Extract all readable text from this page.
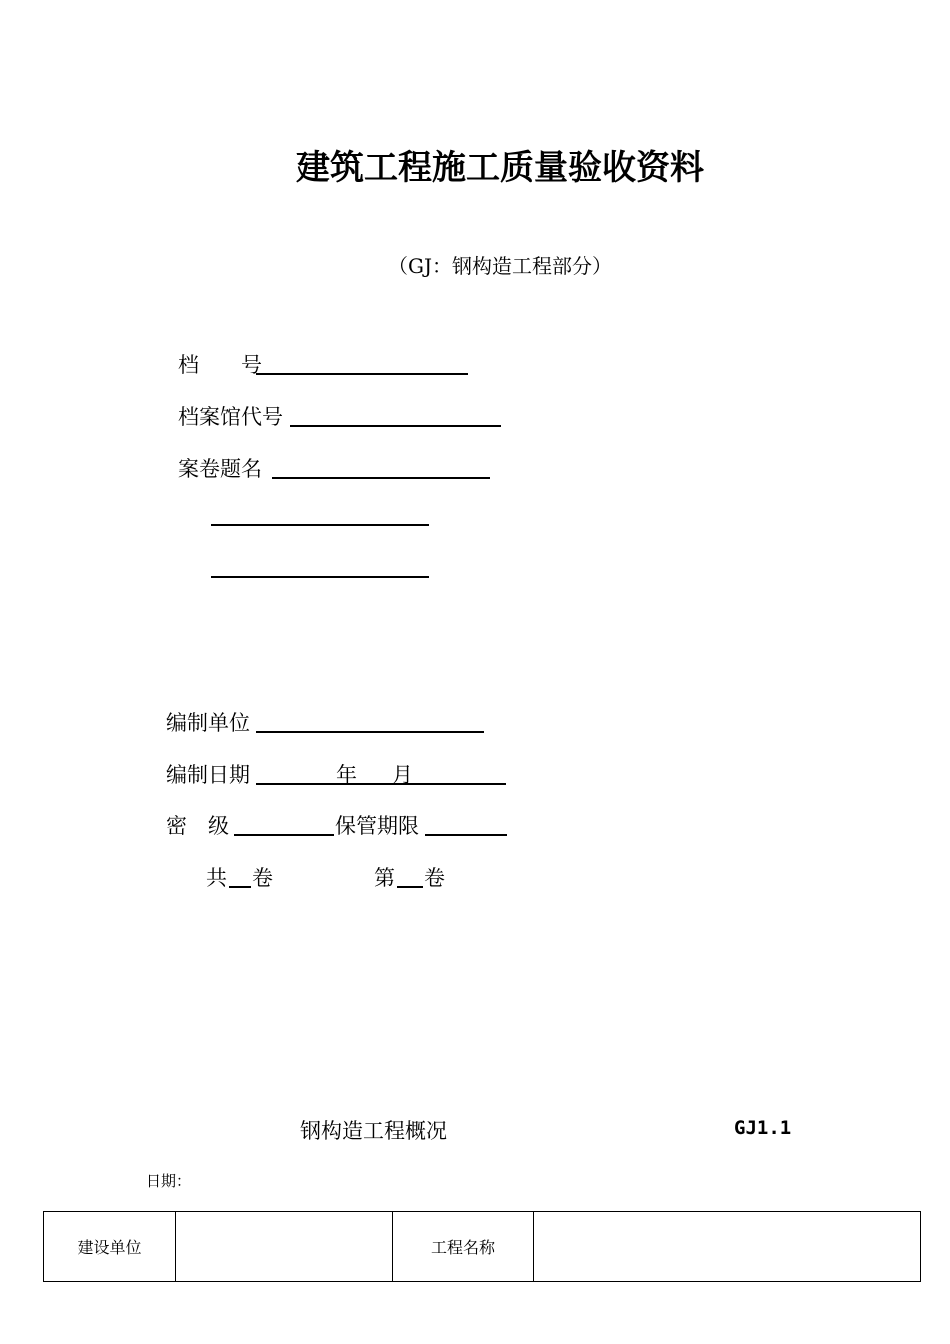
建筑工程施工质量验收资料
（GJ：钢构造工程部分）
档　　号
档案馆代号
案卷题名
编制单位
编制日期	年 月
密　级	保管期限
共 卷	第 卷
钢构造工程概况	GJ1.1
日期：
建设单位		工程名称	
